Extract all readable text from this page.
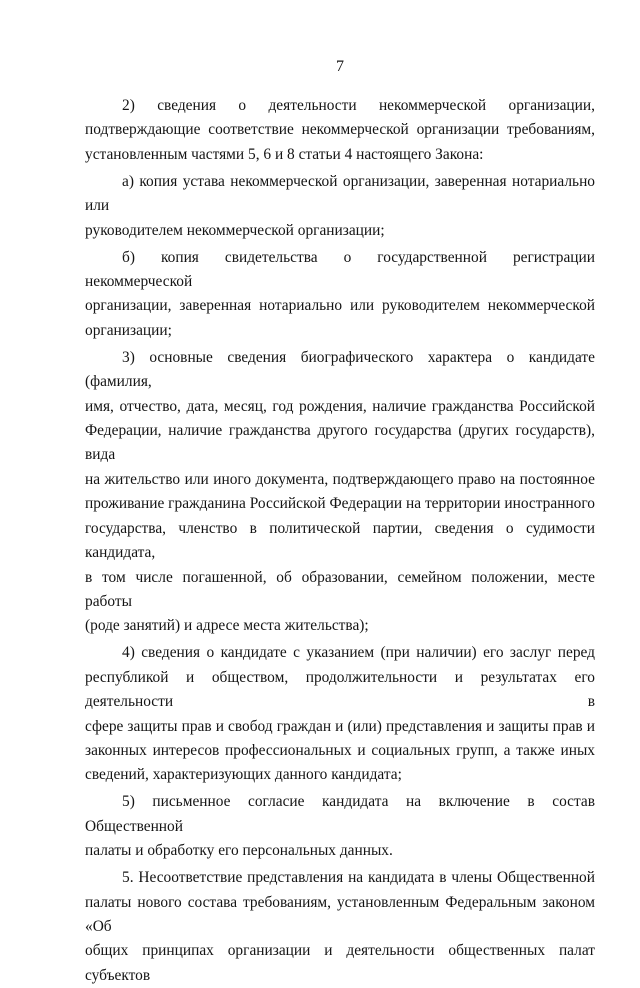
7
2) сведения о деятельности некоммерческой организации,
подтверждающие соответствие некоммерческой организации требованиям,
установленным частями 5, 6 и 8 статьи 4 настоящего Закона:
а) копия устава некоммерческой организации, заверенная нотариально или
руководителем некоммерческой организации;
б) копия свидетельства о государственной регистрации некоммерческой
организации, заверенная нотариально или руководителем некоммерческой
организации;
3) основные сведения биографического характера о кандидате (фамилия,
имя, отчество, дата, месяц, год рождения, наличие гражданства Российской
Федерации, наличие гражданства другого государства (других государств), вида
на жительство или иного документа, подтверждающего право на постоянное
проживание гражданина Российской Федерации на территории иностранного
государства, членство в политической партии, сведения о судимости кандидата,
в том числе погашенной, об образовании, семейном положении, месте работы
(роде занятий) и адресе места жительства);
4) сведения о кандидате с указанием (при наличии) его заслуг перед
республикой и обществом, продолжительности и результатах его деятельности в
сфере защиты прав и свобод граждан и (или) представления и защиты прав и
законных интересов профессиональных и социальных групп, а также иных
сведений, характеризующих данного кандидата;
5) письменное согласие кандидата на включение в состав Общественной
палаты и обработку его персональных данных.
5. Несоответствие представления на кандидата в члены Общественной
палаты нового состава требованиям, установленным Федеральным законом «Об
общих принципах организации и деятельности общественных палат субъектов
